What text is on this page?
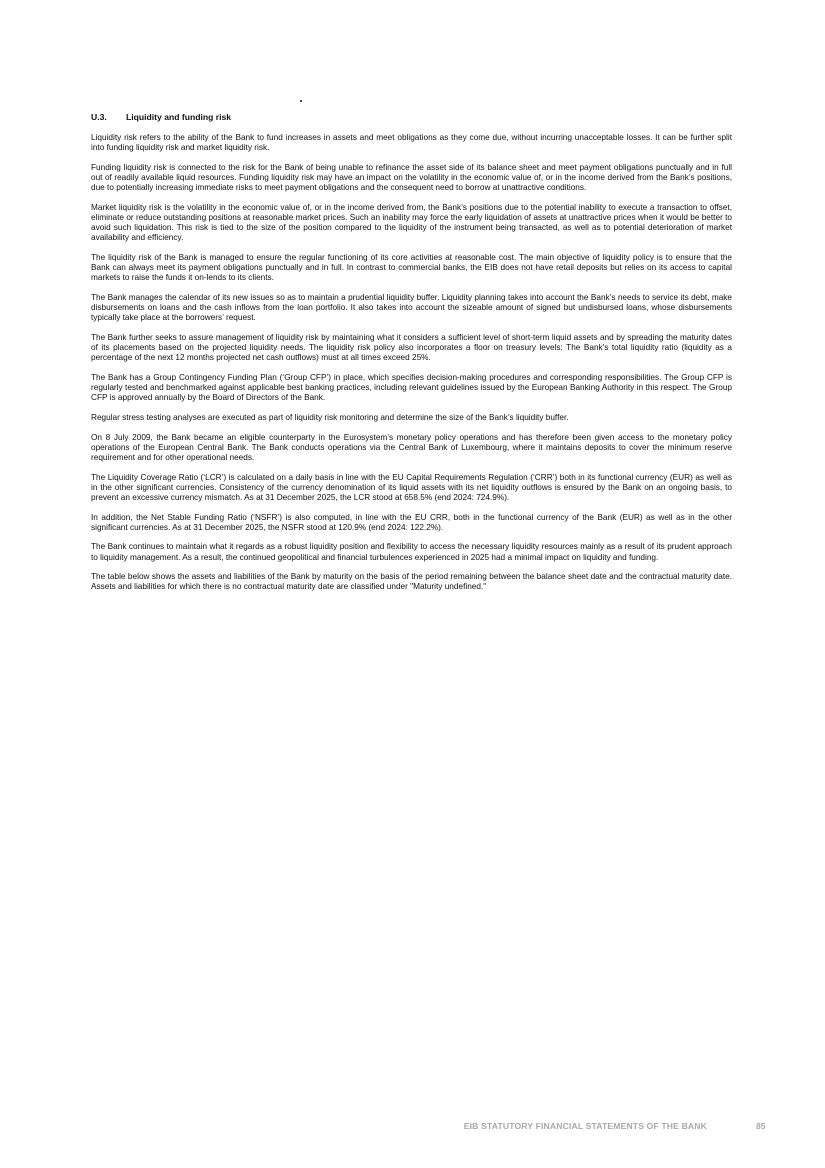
U.3. Liquidity and funding risk

Liquidity risk refers to the ability of the Bank to fund increases in assets and meet obligations as they come due, without incurring unacceptable losses. It can be further split into funding liquidity risk and market liquidity risk.

Funding liquidity risk is connected to the risk for the Bank of being unable to refinance the asset side of its balance sheet and meet payment obligations punctually and in full out of readily available liquid resources. Funding liquidity risk may have an impact on the volatility in the economic value of, or in the income derived from the Bank’s positions, due to potentially increasing immediate risks to meet payment obligations and the consequent need to borrow at unattractive conditions.

Market liquidity risk is the volatility in the economic value of, or in the income derived from, the Bank’s positions due to the potential inability to execute a transaction to offset, eliminate or reduce outstanding positions at reasonable market prices. Such an inability may force the early liquidation of assets at unattractive prices when it would be better to avoid such liquidation. This risk is tied to the size of the position compared to the liquidity of the instrument being transacted, as well as to potential deterioration of market availability and efficiency.

The liquidity risk of the Bank is managed to ensure the regular functioning of its core activities at reasonable cost. The main objective of liquidity policy is to ensure that the Bank can always meet its payment obligations punctually and in full. In contrast to commercial banks, the EIB does not have retail deposits but relies on its access to capital markets to raise the funds it on-lends to its clients.

The Bank manages the calendar of its new issues so as to maintain a prudential liquidity buffer. Liquidity planning takes into account the Bank’s needs to service its debt, make disbursements on loans and the cash inflows from the loan portfolio. It also takes into account the sizeable amount of signed but undisbursed loans, whose disbursements typically take place at the borrowers’ request.

The Bank further seeks to assure management of liquidity risk by maintaining what it considers a sufficient level of short-term liquid assets and by spreading the maturity dates of its placements based on the projected liquidity needs. The liquidity risk policy also incorporates a floor on treasury levels: The Bank's total liquidity ratio (liquidity as a percentage of the next 12 months projected net cash outflows) must at all times exceed 25%.

The Bank has a Group Contingency Funding Plan (‘Group CFP’) in place, which specifies decision-making procedures and corresponding responsibilities. The Group CFP is regularly tested and benchmarked against applicable best banking practices, including relevant guidelines issued by the European Banking Authority in this respect. The Group CFP is approved annually by the Board of Directors of the Bank.

Regular stress testing analyses are executed as part of liquidity risk monitoring and determine the size of the Bank’s liquidity buffer.

On 8 July 2009, the Bank became an eligible counterparty in the Eurosystem’s monetary policy operations and has therefore been given access to the monetary policy operations of the European Central Bank. The Bank conducts operations via the Central Bank of Luxembourg, where it maintains deposits to cover the minimum reserve requirement and for other operational needs.

The Liquidity Coverage Ratio (‘LCR’) is calculated on a daily basis in line with the EU Capital Requirements Regulation (‘CRR’) both in its functional currency (EUR) as well as in the other significant currencies. Consistency of the currency denomination of its liquid assets with its net liquidity outflows is ensured by the Bank on an ongoing basis, to prevent an excessive currency mismatch. As at 31 December 2025, the LCR stood at 658.5% (end 2024: 724.9%).

In addition, the Net Stable Funding Ratio (‘NSFR’) is also computed, in line with the EU CRR, both in the functional currency of the Bank (EUR) as well as in the other significant currencies. As at 31 December 2025, the NSFR stood at 120.9% (end 2024: 122.2%).

The Bank continues to maintain what it regards as a robust liquidity position and flexibility to access the necessary liquidity resources mainly as a result of its prudent approach to liquidity management. As a result, the continued geopolitical and financial turbulences experienced in 2025 had a minimal impact on liquidity and funding.

The table below shows the assets and liabilities of the Bank by maturity on the basis of the period remaining between the balance sheet date and the contractual maturity date. Assets and liabilities for which there is no contractual maturity date are classified under "Maturity undefined."

EIB STATUTORY FINANCIAL STATEMENTS OF THE BANK	85
